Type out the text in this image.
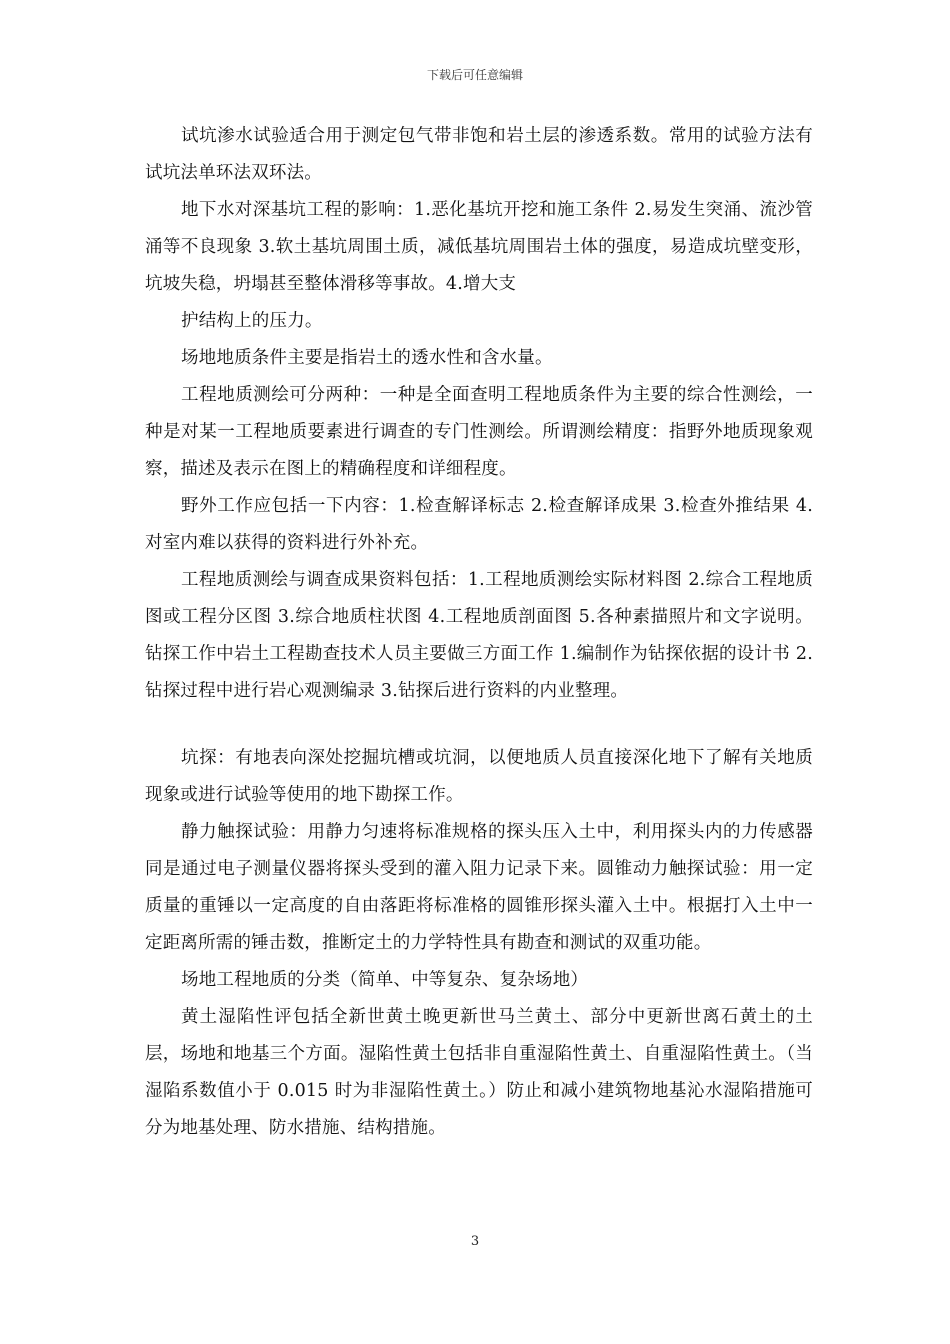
下载后可任意编辑

试坑渗水试验适合用于测定包气带非饱和岩土层的渗透系数。常用的试验方法有试坑法单环法双环法。

地下水对深基坑工程的影响：1.恶化基坑开挖和施工条件 2.易发生突涌、流沙管涌等不良现象 3.软土基坑周围土质，减低基坑周围岩土体的强度，易造成坑壁变形，坑坡失稳，坍塌甚至整体滑移等事故。4.增大支

护结构上的压力。

场地地质条件主要是指岩土的透水性和含水量。

工程地质测绘可分两种：一种是全面查明工程地质条件为主要的综合性测绘，一种是对某一工程地质要素进行调查的专门性测绘。所谓测绘精度：指野外地质现象观察，描述及表示在图上的精确程度和详细程度。

野外工作应包括一下内容：1.检查解译标志 2.检查解译成果 3.检查外推结果 4.对室内难以获得的资料进行外补充。

工程地质测绘与调查成果资料包括：1.工程地质测绘实际材料图 2.综合工程地质图或工程分区图 3.综合地质柱状图 4.工程地质剖面图 5.各种素描照片和文字说明。钻探工作中岩土工程勘查技术人员主要做三方面工作 1.编制作为钻探依据的设计书 2.钻探过程中进行岩心观测编录 3.钻探后进行资料的内业整理。

坑探：有地表向深处挖掘坑槽或坑洞，以便地质人员直接深化地下了解有关地质现象或进行试验等使用的地下勘探工作。

静力触探试验：用静力匀速将标准规格的探头压入土中，利用探头内的力传感器同是通过电子测量仪器将探头受到的灌入阻力记录下来。圆锥动力触探试验：用一定质量的重锤以一定高度的自由落距将标准格的圆锥形探头灌入土中。根据打入土中一定距离所需的锤击数，推断定土的力学特性具有勘查和测试的双重功能。

场地工程地质的分类（简单、中等复杂、复杂场地）

黄土湿陷性评包括全新世黄土晚更新世马兰黄土、部分中更新世离石黄土的土层，场地和地基三个方面。湿陷性黄土包括非自重湿陷性黄土、自重湿陷性黄土。（当湿陷系数值小于 0.015 时为非湿陷性黄土。）防止和减小建筑物地基沁水湿陷措施可分为地基处理、防水措施、结构措施。

3
